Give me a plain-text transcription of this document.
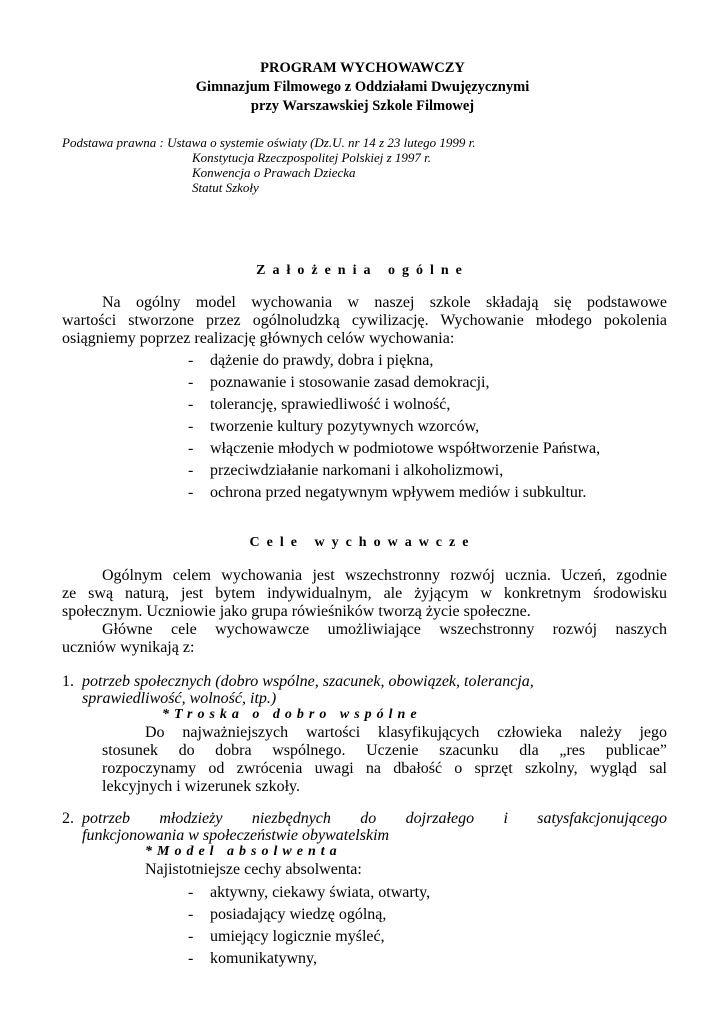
PROGRAM WYCHOWAWCZY
Gimnazjum Filmowego z Oddziałami Dwujęzycznymi
przy Warszawskiej Szkole Filmowej
Podstawa prawna : Ustawa o systemie oświaty (Dz.U. nr 14 z 23 lutego 1999 r.
Konstytucja Rzeczpospolitej Polskiej z 1997 r.
Konwencja o Prawach Dziecka
Statut Szkoły
Założenia ogólne
Na ogólny model wychowania w naszej szkole składają się podstawowe
wartości stworzone przez ogólnoludzką cywilizację. Wychowanie młodego pokolenia
osiągniemy poprzez realizację głównych celów wychowania:
- dążenie do prawdy, dobra i piękna,
- poznawanie i stosowanie zasad demokracji,
- tolerancję, sprawiedliwość i wolność,
- tworzenie kultury pozytywnych wzorców,
- włączenie młodych w podmiotowe współtworzenie Państwa,
- przeciwdziałanie narkomani i alkoholizmowi,
- ochrona przed negatywnym wpływem mediów i subkultur.
Cele wychowawcze
Ogólnym celem wychowania jest wszechstronny rozwój ucznia. Uczeń, zgodnie
ze swą naturą, jest bytem indywidualnym, ale żyjącym w konkretnym środowisku
społecznym. Uczniowie jako grupa rówieśników tworzą życie społeczne.
Główne cele wychowawcze umożliwiające wszechstronny rozwój naszych
uczniów wynikają z:
1. potrzeb społecznych (dobro wspólne, szacunek, obowiązek, tolerancja,
sprawiedliwość, wolność, itp.)
*Troska o dobro wspólne
Do najważniejszych wartości klasyfikujących człowieka należy jego
stosunek do dobra wspólnego. Uczenie szacunku dla „res publicae”
rozpoczynamy od zwrócenia uwagi na dbałość o sprzęt szkolny, wygląd sal
lekcyjnych i wizerunek szkoły.
2. potrzeb młodzieży niezbędnych do dojrzałego i satysfakcjonującego
funkcjonowania w społeczeństwie obywatelskim
*Model absolwenta
Najistotniejsze cechy absolwenta:
- aktywny, ciekawy świata, otwarty,
- posiadający wiedzę ogólną,
- umiejący logicznie myśleć,
- komunikatywny,
